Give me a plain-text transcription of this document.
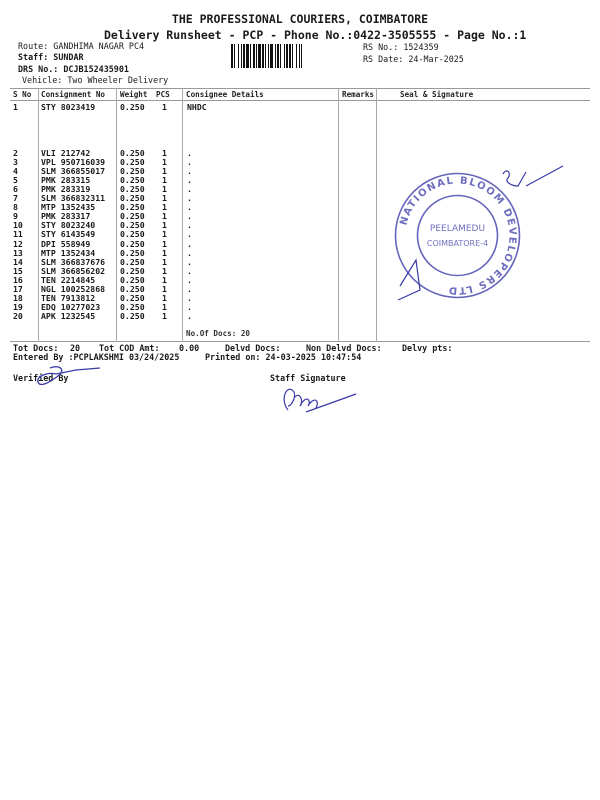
THE PROFESSIONAL COURIERS, COIMBATORE
Delivery Runsheet - PCP - Phone No.:0422-3505555 - Page No.:1
Route: GANDHIMA NAGAR PC4
Staff: SUNDAR
DRS No.: DCJB152435901
Vehicle: Two Wheeler Delivery
RS No.: 1524359
RS Date: 24-Mar-2025
S No Consignment No Weight PCS Consignee Details	Remarks	Seal & Signature
1	STY 8023419	0.250 1 NHDC
2	VLI 212742	0.250 1 .
3	VPL 950716039 0.250 1 .
4	SLM 366855017 0.250 1 .
5	PMK 283315	0.250 1 .
6	PMK 283319	0.250 1 .
7	SLM 366832311 0.250 1 .
8	MTP 1352435	0.250 1 .
9	PMK 283317	0.250 1 .
10 STY 8023240	0.250 1 .
11 STY 6143549	0.250 1 .
12 DPI 558949	0.250 1 .
13 MTP 1352434	0.250 1 .
14 SLM 366837676 0.250 1 .
15 SLM 366856202 0.250 1 .
16 TEN 2214845	0.250 1 .
17 NGL 100252868 0.250 1 .
18 TEN 7913812	0.250 1 .
19 EDQ 10277023 0.250 1 .
20 APK 1232545	0.250 1 .
No.Of Docs: 20
NATIONAL BLOOM DEVELOPERS LTD
PEELAMEDU
COIMBATORE-4
Tot Docs: 20 Tot COD Amt: 0.00	Delvd Docs:	Non Delvd Docs: Delvy pts:
Entered By :PCPLAKSHMI 03/24/2025	Printed on: 24-03-2025 10:47:54
Verified By	Staff Signature
